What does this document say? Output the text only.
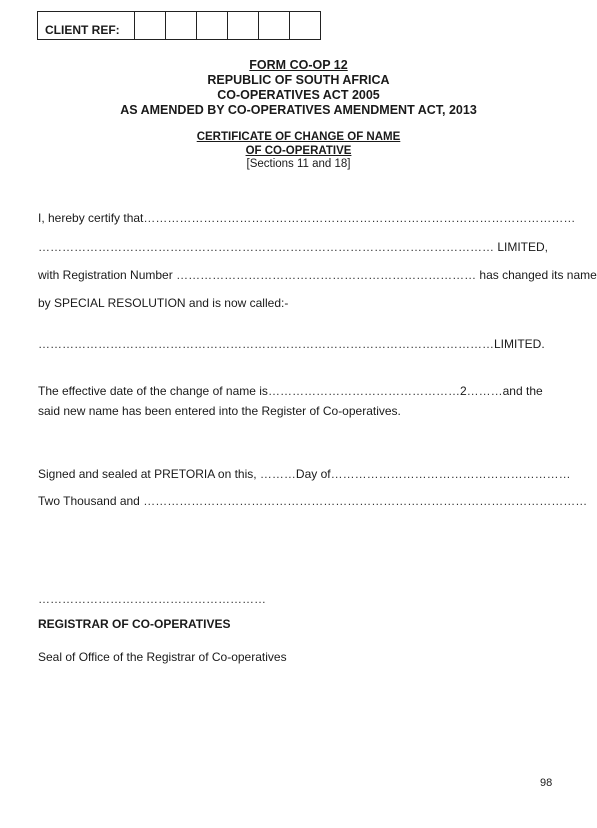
CLIENT REF:
FORM CO-OP 12
REPUBLIC OF SOUTH AFRICA
CO-OPERATIVES ACT 2005
AS AMENDED BY CO-OPERATIVES AMENDMENT ACT, 2013
CERTIFICATE OF CHANGE OF NAME
OF CO-OPERATIVE
[Sections 11 and 18]
I, hereby certify that………………………………………………………………………………………………
…………………………………………………………………………………………………… LIMITED,
with Registration Number ………………………………………………………………… has changed its name
by SPECIAL RESOLUTION and is now called:-
……………………………………………………………………………………………………LIMITED.
The effective date of the change of name is…………………………………………2………and the
said new name has been entered into the Register of Co-operatives.
Signed and sealed at PRETORIA on this, ………Day of……………………………………………………
Two Thousand and …………………………………………………………………………………………………
…………………………………………………
REGISTRAR OF CO-OPERATIVES
Seal of Office of the Registrar of Co-operatives
98
